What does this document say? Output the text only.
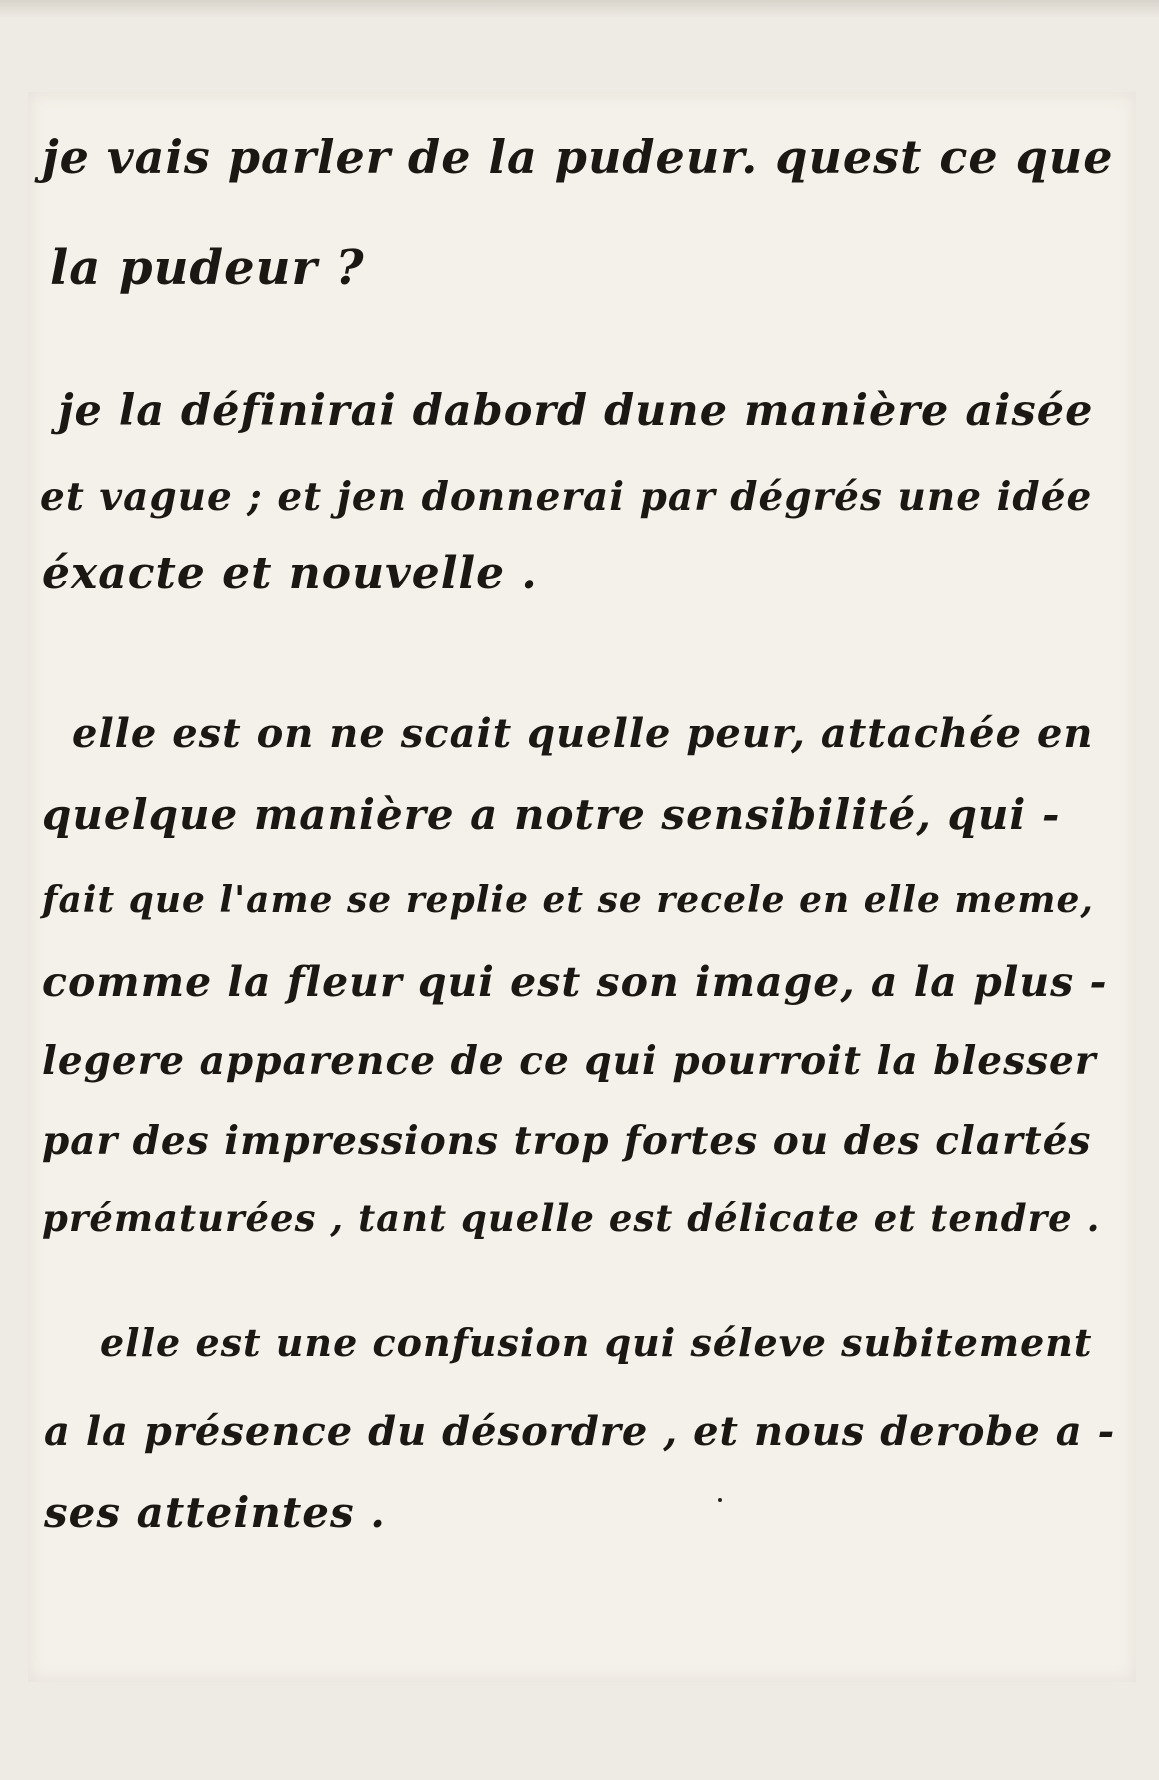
je vais parler de la pudeur. quest ce que
la pudeur ?
je la définirai dabord dune manière aisée
et vague ; et jen donnerai par dégrés une idée
éxacte et nouvelle .
elle est on ne scait quelle peur, attachée en
quelque manière a notre sensibilité, qui -
fait que l'ame se replie et se recele en elle meme,
comme la fleur qui est son image, a la plus -
legere apparence de ce qui pourroit la blesser
par des impressions trop fortes ou des clartés
prématurées , tant quelle est délicate et tendre .
elle est une confusion qui séleve subitement
a la présence du désordre , et nous derobe a -
ses atteintes .
